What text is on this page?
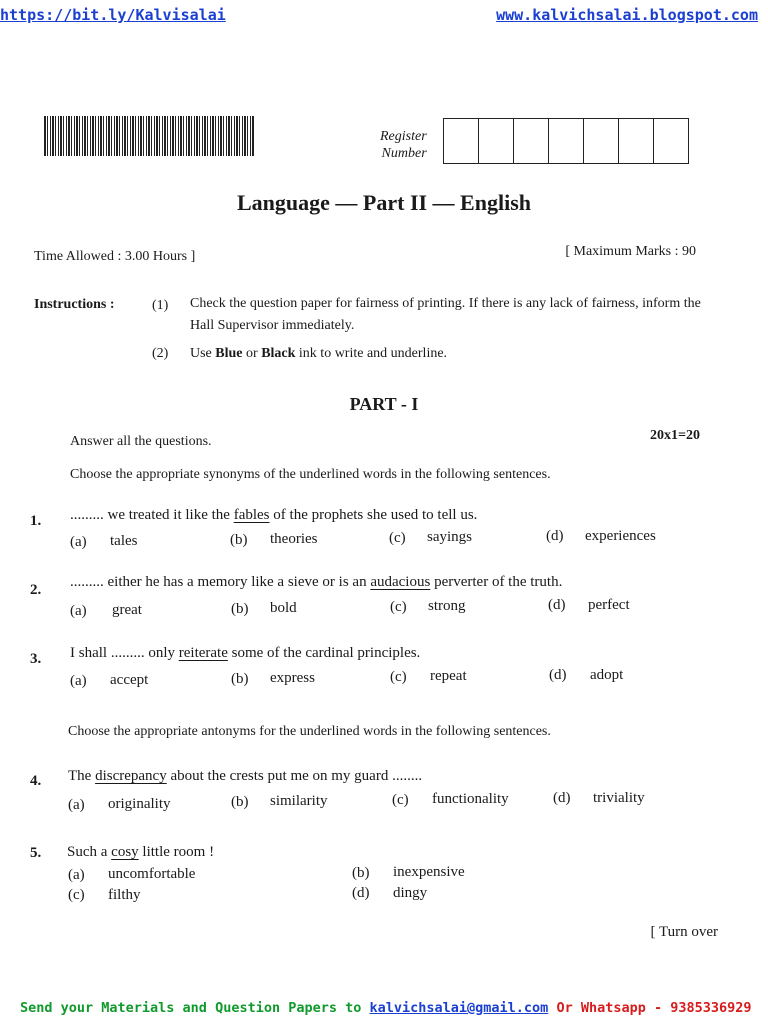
https://bit.ly/Kalvisalai	www.kalvichsalai.blogspot.com
Register
Number
Language — Part II — English
Time Allowed : 3.00 Hours ]	[ Maximum Marks : 90
Instructions :	(1) Check the question paper for fairness of printing. If there is any lack of fairness, inform the Hall Supervisor immediately.
(2) Use Blue or Black ink to write and underline.
PART - I
Answer all the questions.	20x1=20
Choose the appropriate synonyms of the underlined words in the following sentences.
1. ......... we treated it like the fables of the prophets she used to tell us.
(a) tales	(b) theories	(c) sayings	(d) experiences
2. ......... either he has a memory like a sieve or is an audacious perverter of the truth.
(a) great	(b) bold	(c) strong	(d) perfect
3. I shall ......... only reiterate some of the cardinal principles.
(a) accept	(b) express	(c) repeat	(d) adopt
Choose the appropriate antonyms for the underlined words in the following sentences.
4. The discrepancy about the crests put me on my guard ........
(a) originality	(b) similarity	(c) functionality	(d) triviality
5. Such a cosy little room !
(a) uncomfortable	(b) inexpensive
(c) filthy	(d) dingy
[ Turn over
Send your Materials and Question Papers to kalvichsalai@gmail.com Or Whatsapp - 9385336929
